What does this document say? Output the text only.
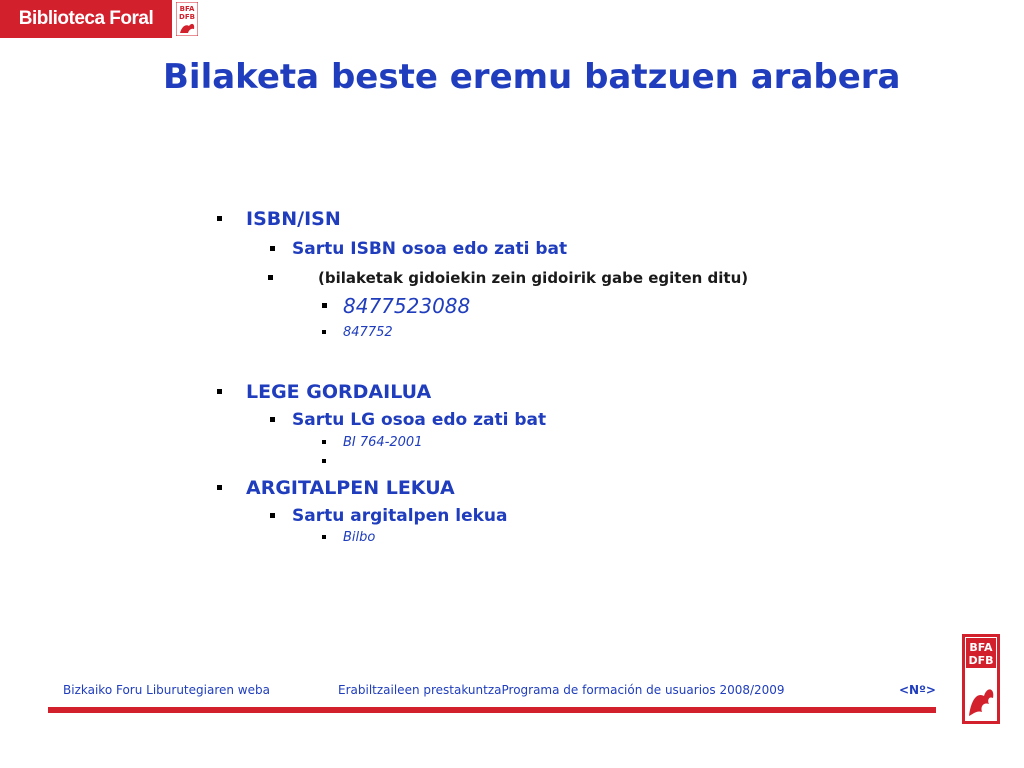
Biblioteca Foral	BFA
DFB
Bilaketa beste eremu batzuen arabera
ISBN/ISN
Sartu ISBN osoa edo zati bat
(bilaketak gidoiekin zein gidoirik gabe egiten ditu)
8477523088
847752
LEGE GORDAILUA
Sartu LG osoa edo zati bat
BI 764-2001
ARGITALPEN LEKUA
Sartu argitalpen lekua
Bilbo
Bizkaiko Foru Liburutegiaren weba	Erabiltzaileen prestakuntzaPrograma de formación de usuarios 2008/2009	<Nº>
BFA
DFB
